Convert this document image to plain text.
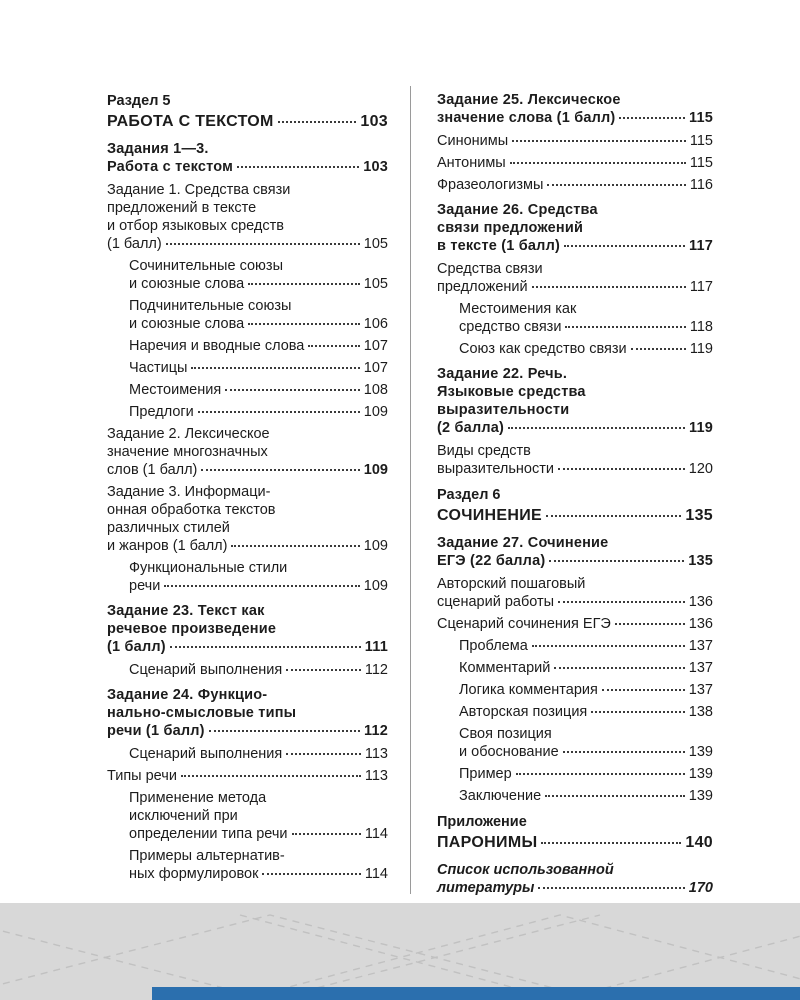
Раздел 5
РАБОТА С ТЕКСТОМ	103
Задания 1—3.
Работа с текстом	103
Задание 1. Средства связи
предложений в тексте
и отбор языковых средств
(1 балл)	105
Сочинительные союзы
и союзные слова	105
Подчинительные союзы
и союзные слова	106
Наречия и вводные слова	107
Частицы	107
Местоимения	108
Предлоги	109
Задание 2. Лексическое
значение многозначных
слов (1 балл)	109
Задание 3. Информаци-
онная обработка текстов
различных стилей
и жанров (1 балл)	109
Функциональные стили
речи	109
Задание 23. Текст как
речевое произведение
(1 балл)	111
Сценарий выполнения	112
Задание 24. Функцио-
нально-смысловые типы
речи (1 балл)	112
Сценарий выполнения	113
Типы речи	113
Применение метода
исключений при
определении типа речи	114
Примеры альтернатив-
ных формулировок	114
Задание 25. Лексическое
значение слова (1 балл)	115
Синонимы	115
Антонимы	115
Фразеологизмы	116
Задание 26. Средства
связи предложений
в тексте (1 балл)	117
Средства связи
предложений	117
Местоимения как
средство связи	118
Союз как средство связи	119
Задание 22. Речь.
Языковые средства
выразительности
(2 балла)	119
Виды средств
выразительности	120
Раздел 6
СОЧИНЕНИЕ	135
Задание 27. Сочинение
ЕГЭ (22 балла)	135
Авторский пошаговый
сценарий работы	136
Сценарий сочинения ЕГЭ	136
Проблема	137
Комментарий	137
Логика комментария	137
Авторская позиция	138
Своя позиция
и обоснование	139
Пример	139
Заключение	139
Приложение
ПАРОНИМЫ	140
Список использованной
литературы	170
